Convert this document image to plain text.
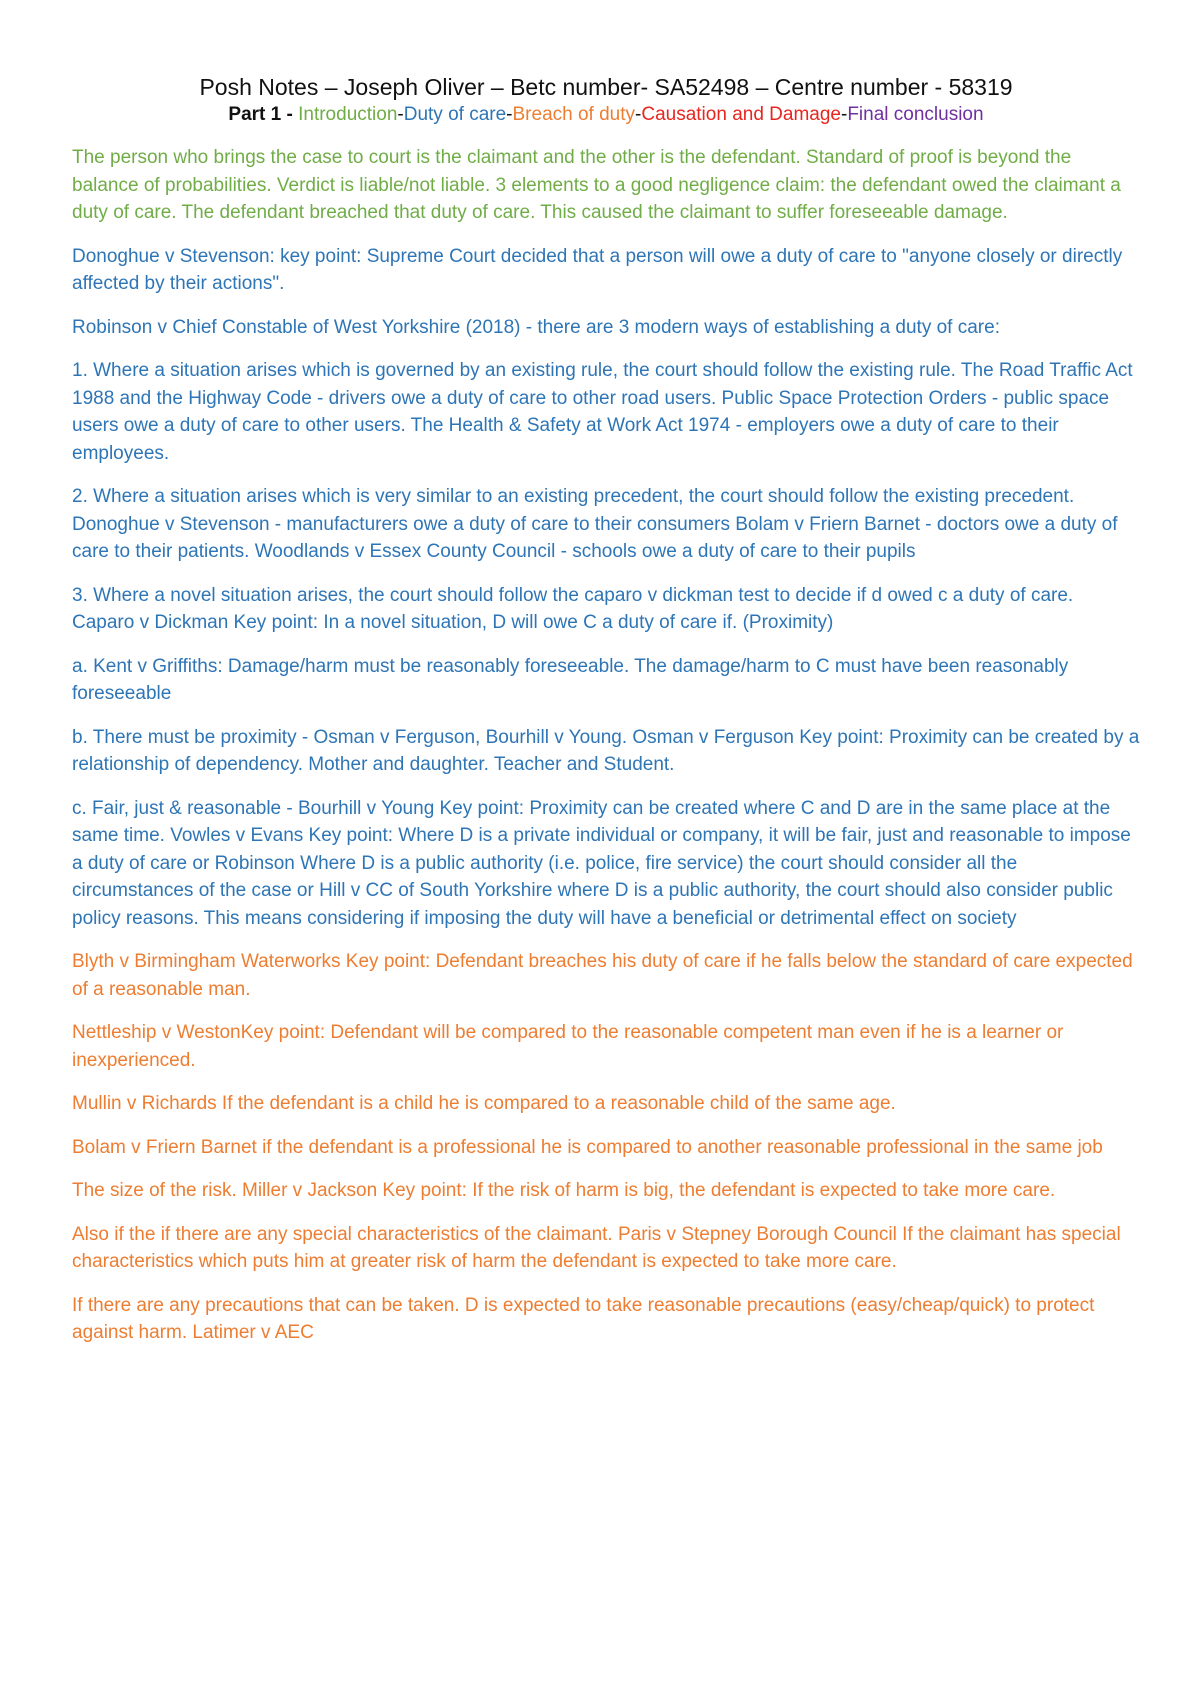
Posh Notes – Joseph Oliver – Betc number- SA52498 – Centre number - 58319

Part 1 - Introduction-Duty of care-Breach of duty-Causation and Damage-Final conclusion

The person who brings the case to court is the claimant and the other is the defendant. Standard of proof is beyond the balance of probabilities. Verdict is liable/not liable. 3 elements to a good negligence claim: the defendant owed the claimant a duty of care. The defendant breached that duty of care. This caused the claimant to suffer foreseeable damage.

Donoghue v Stevenson: key point: Supreme Court decided that a person will owe a duty of care to "anyone closely or directly affected by their actions".

Robinson v Chief Constable of West Yorkshire (2018) - there are 3 modern ways of establishing a duty of care:

1. Where a situation arises which is governed by an existing rule, the court should follow the existing rule. The Road Traffic Act 1988 and the Highway Code - drivers owe a duty of care to other road users. Public Space Protection Orders - public space users owe a duty of care to other users. The Health & Safety at Work Act 1974 - employers owe a duty of care to their employees.

2. Where a situation arises which is very similar to an existing precedent, the court should follow the existing precedent. Donoghue v Stevenson - manufacturers owe a duty of care to their consumers Bolam v Friern Barnet - doctors owe a duty of care to their patients. Woodlands v Essex County Council - schools owe a duty of care to their pupils

3. Where a novel situation arises, the court should follow the caparo v dickman test to decide if d owed c a duty of care. Caparo v Dickman Key point: In a novel situation, D will owe C a duty of care if. (Proximity)

a. Kent v Griffiths: Damage/harm must be reasonably foreseeable. The damage/harm to C must have been reasonably foreseeable

b. There must be proximity - Osman v Ferguson, Bourhill v Young. Osman v Ferguson Key point: Proximity can be created by a relationship of dependency. Mother and daughter. Teacher and Student.

c. Fair, just & reasonable - Bourhill v Young Key point: Proximity can be created where C and D are in the same place at the same time. Vowles v Evans Key point: Where D is a private individual or company, it will be fair, just and reasonable to impose a duty of care or Robinson Where D is a public authority (i.e. police, fire service) the court should consider all the circumstances of the case or Hill v CC of South Yorkshire where D is a public authority, the court should also consider public policy reasons. This means considering if imposing the duty will have a beneficial or detrimental effect on society

Blyth v Birmingham Waterworks Key point: Defendant breaches his duty of care if he falls below the standard of care expected of a reasonable man.

Nettleship v WestonKey point: Defendant will be compared to the reasonable competent man even if he is a learner or inexperienced.

Mullin v Richards If the defendant is a child he is compared to a reasonable child of the same age.

Bolam v Friern Barnet if the defendant is a professional he is compared to another reasonable professional in the same job

The size of the risk. Miller v Jackson Key point: If the risk of harm is big, the defendant is expected to take more care.

Also if the if there are any special characteristics of the claimant. Paris v Stepney Borough Council If the claimant has special characteristics which puts him at greater risk of harm the defendant is expected to take more care.

If there are any precautions that can be taken. D is expected to take reasonable precautions (easy/cheap/quick) to protect against harm. Latimer v AEC
